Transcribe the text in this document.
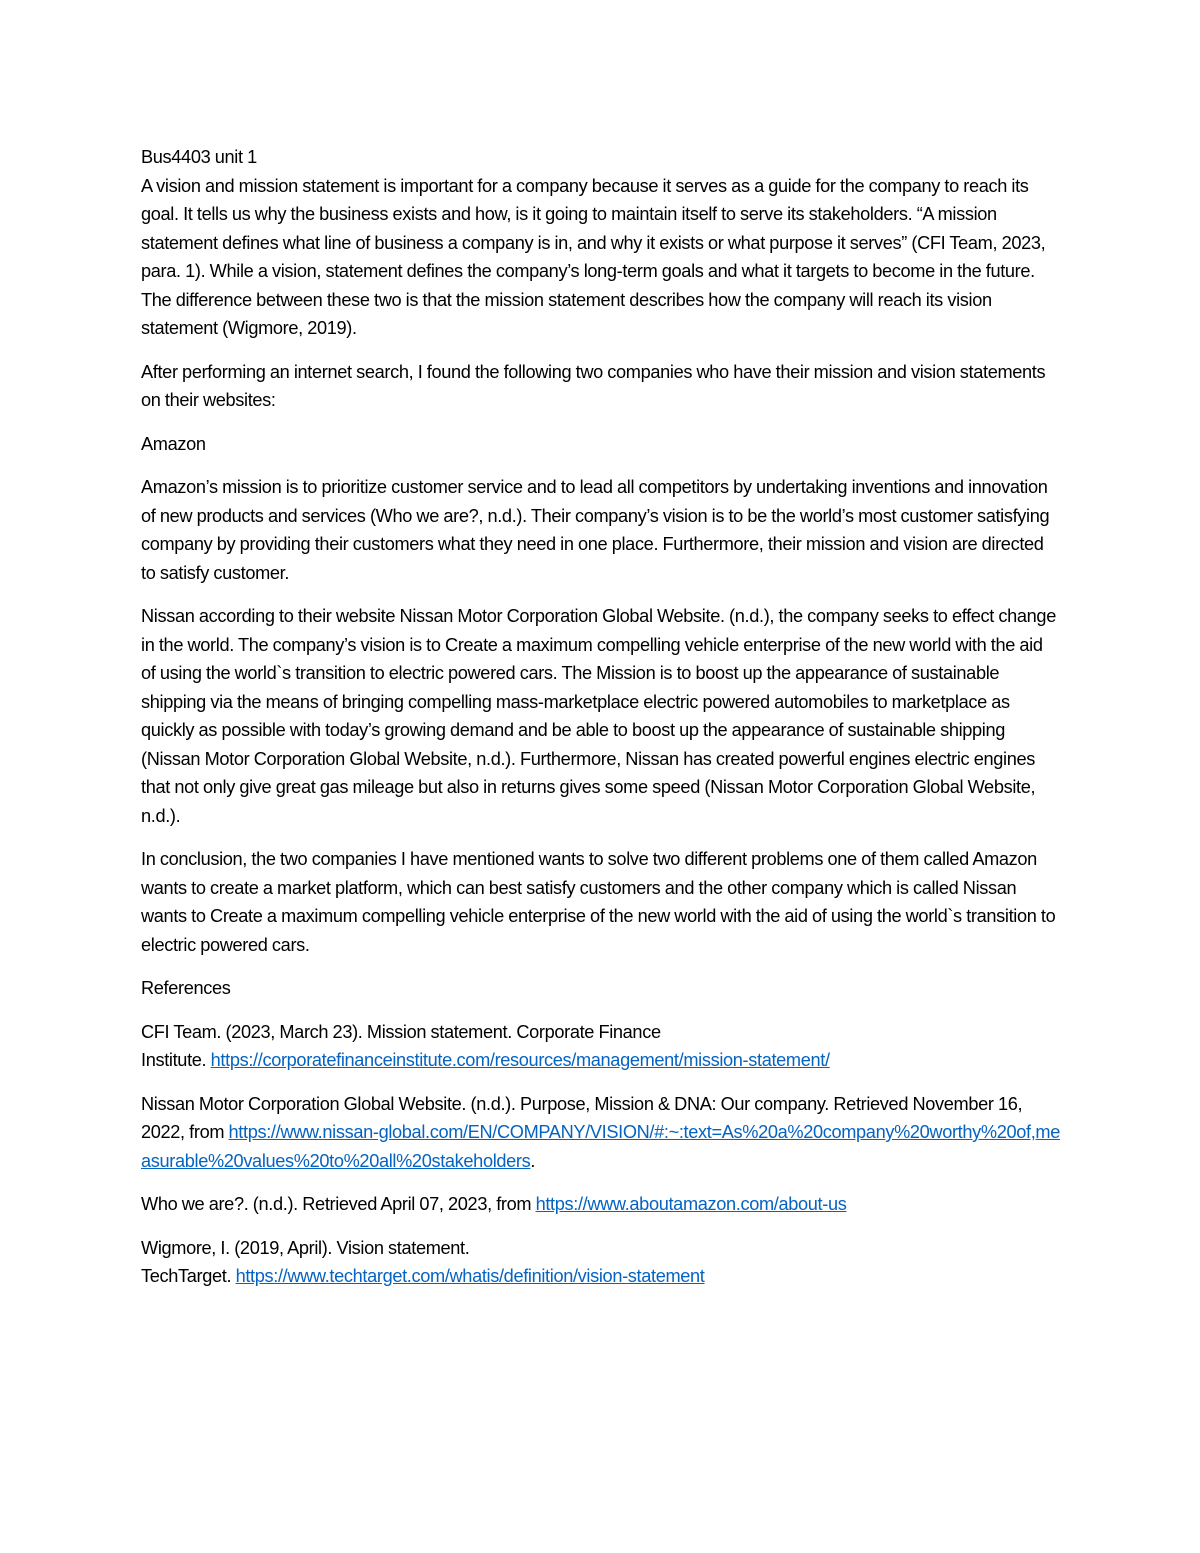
Bus4403 unit 1

A vision and mission statement is important for a company because it serves as a guide for the company to reach its goal. It tells us why the business exists and how, is it going to maintain itself to serve its stakeholders. “A mission statement defines what line of business a company is in, and why it exists or what purpose it serves” (CFI Team, 2023, para. 1). While a vision, statement defines the company’s long-term goals and what it targets to become in the future. The difference between these two is that the mission statement describes how the company will reach its vision statement (Wigmore, 2019).

After performing an internet search, I found the following two companies who have their mission and vision statements on their websites:

Amazon

Amazon’s mission is to prioritize customer service and to lead all competitors by undertaking inventions and innovation of new products and services (Who we are?, n.d.). Their company’s vision is to be the world’s most customer satisfying company by providing their customers what they need in one place. Furthermore, their mission and vision are directed to satisfy customer.

Nissan according to their website Nissan Motor Corporation Global Website. (n.d.), the company seeks to effect change in the world. The company’s vision is to Create a maximum compelling vehicle enterprise of the new world with the aid of using the world`s transition to electric powered cars. The Mission is to boost up the appearance of sustainable shipping via the means of bringing compelling mass-marketplace electric powered automobiles to marketplace as quickly as possible with today’s growing demand and be able to boost up the appearance of sustainable shipping (Nissan Motor Corporation Global Website, n.d.). Furthermore, Nissan has created powerful engines electric engines that not only give great gas mileage but also in returns gives some speed (Nissan Motor Corporation Global Website, n.d.).

In conclusion, the two companies I have mentioned wants to solve two different problems one of them called Amazon wants to create a market platform, which can best satisfy customers and the other company which is called Nissan wants to Create a maximum compelling vehicle enterprise of the new world with the aid of using the world`s transition to electric powered cars.

References

CFI Team. (2023, March 23). Mission statement. Corporate Finance
Institute. https://corporatefinanceinstitute.com/resources/management/mission-statement/
Nissan Motor Corporation Global Website. (n.d.). Purpose, Mission & DNA: Our company. Retrieved November 16, 2022, from https://www.nissan-global.com/EN/COMPANY/VISION/#:~:text=As%20a%20company%20worthy%20of,measurable%20values%20to%20all%20stakeholders.
Who we are?. (n.d.). Retrieved April 07, 2023, from https://www.aboutamazon.com/about-us
Wigmore, I. (2019, April). Vision statement.
TechTarget. https://www.techtarget.com/whatis/definition/vision-statement
